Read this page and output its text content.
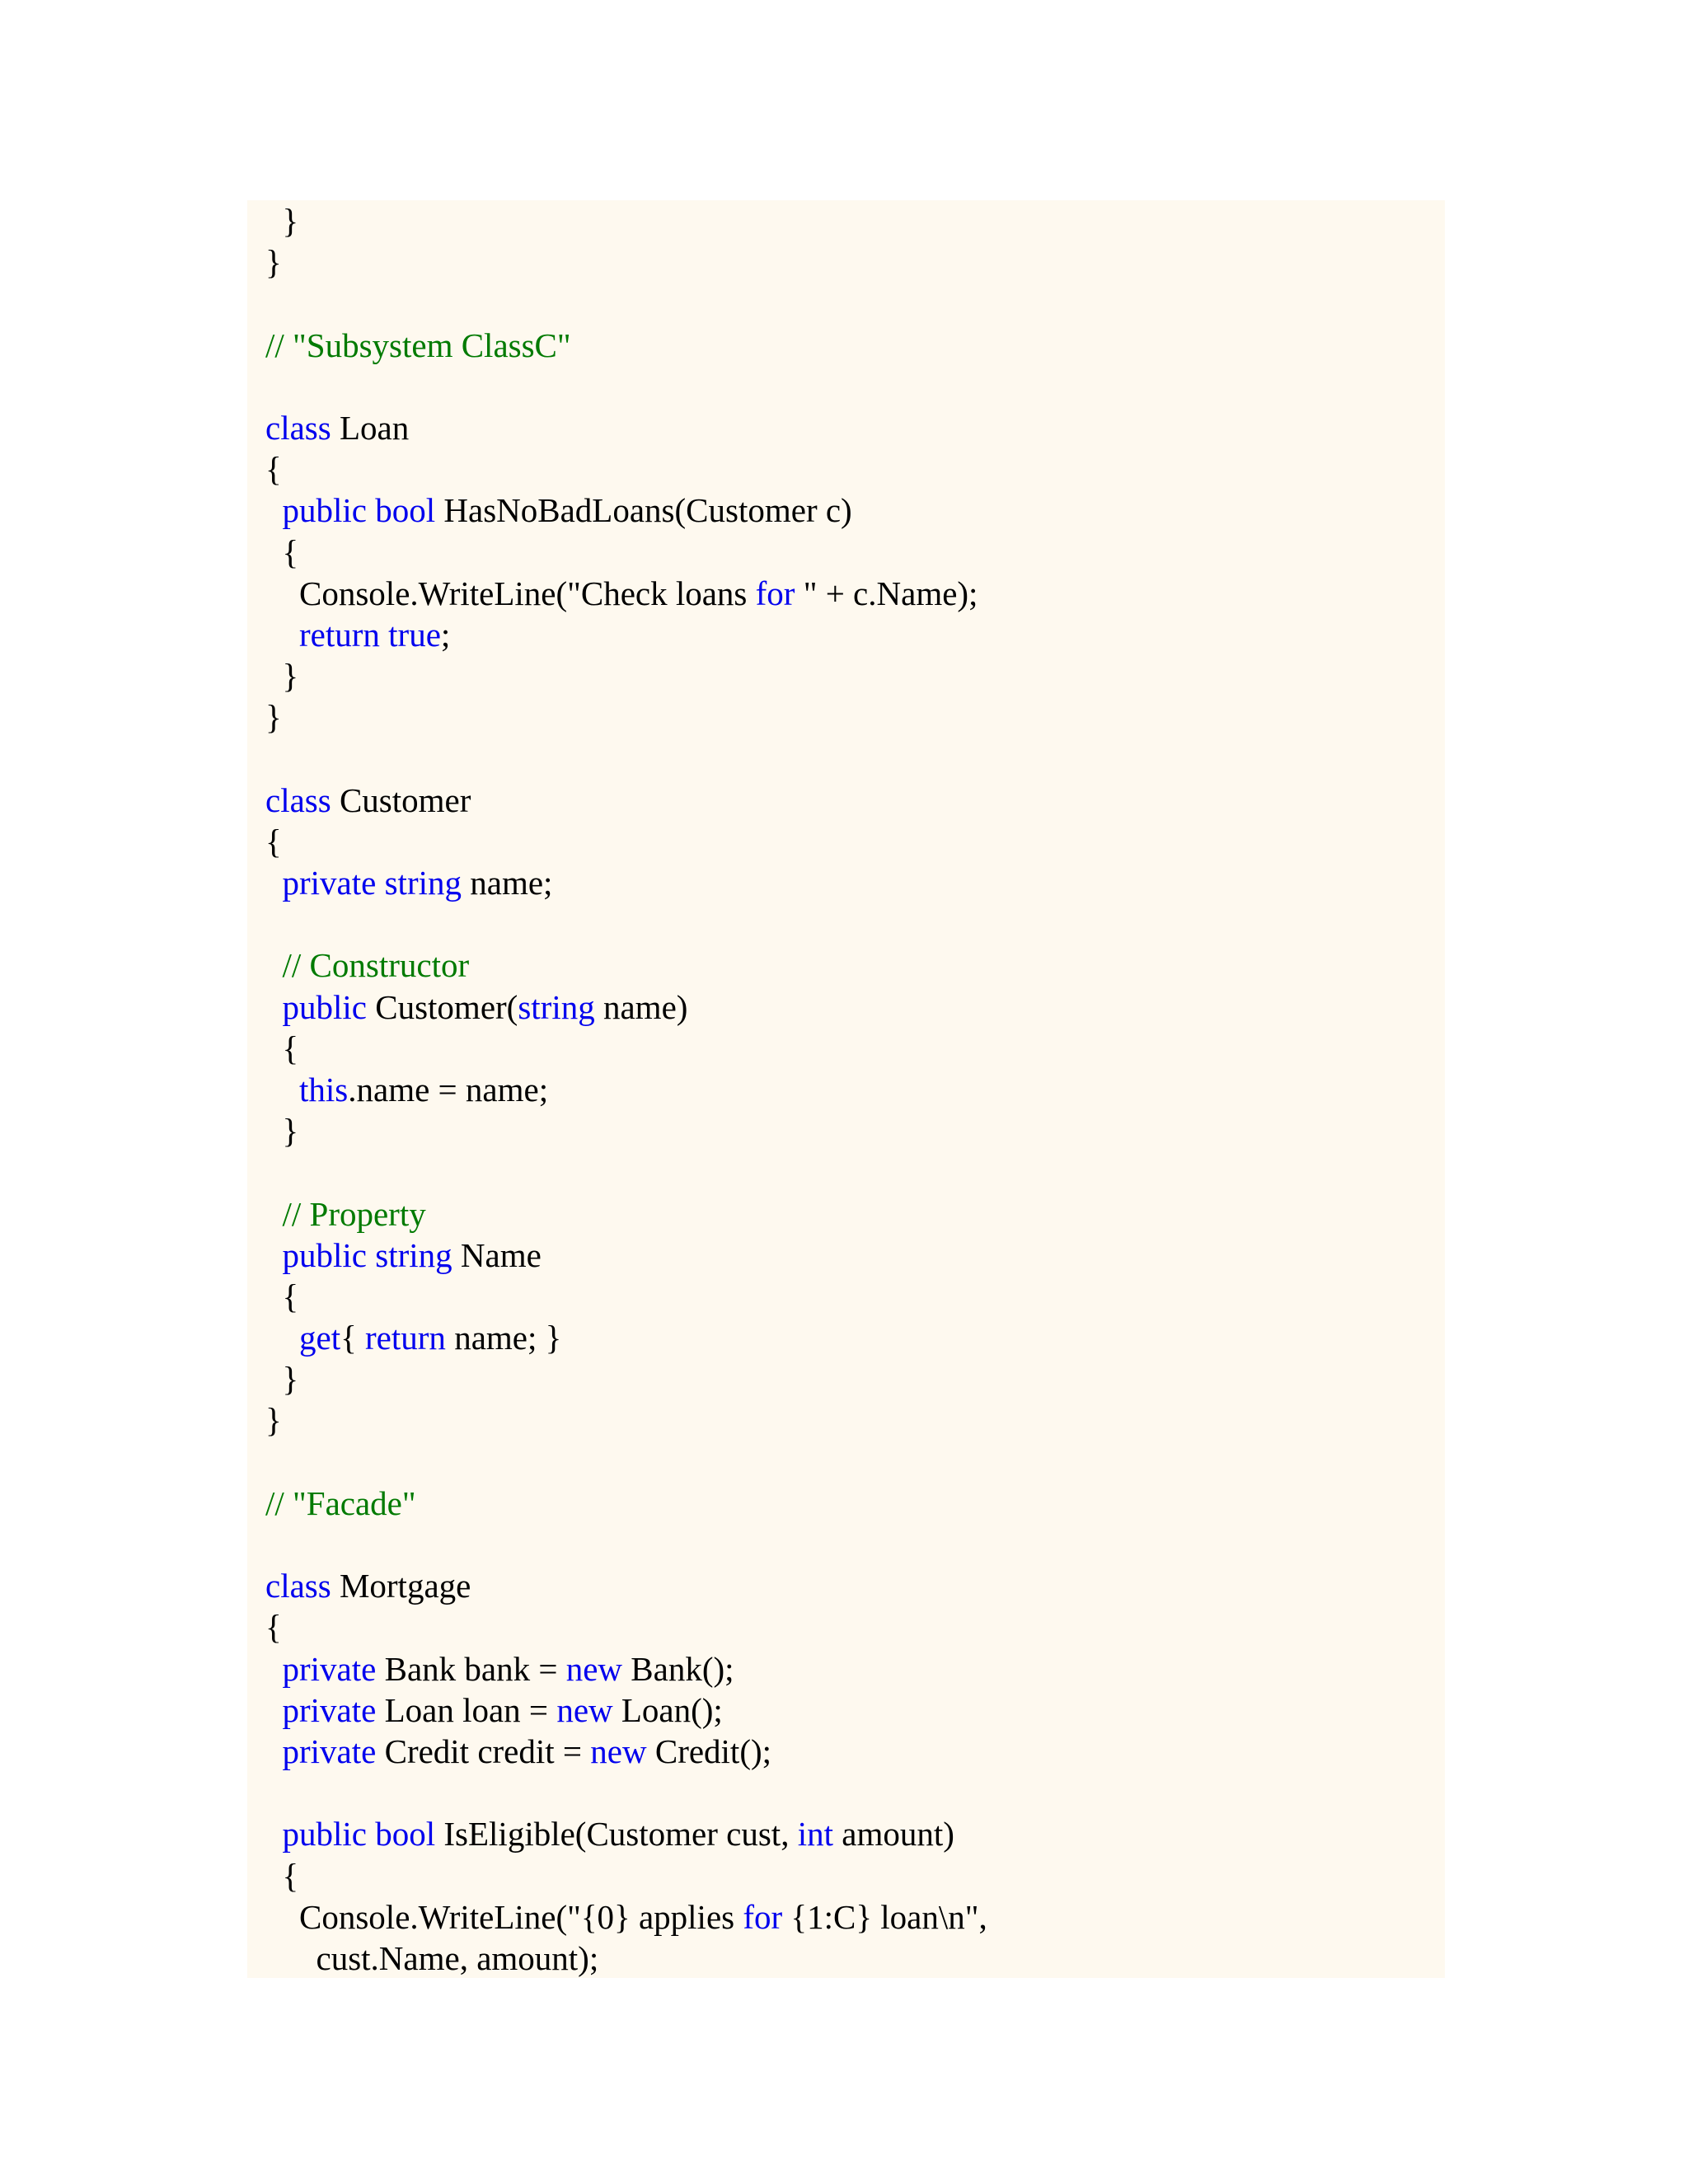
}
}
// "Subsystem ClassC"
class Loan
{
public bool HasNoBadLoans(Customer c)
{
Console.WriteLine("Check loans for " + c.Name);
return true;
}
}
class Customer
{
private string name;
// Constructor
public Customer(string name)
{
this.name = name;
}
// Property
public string Name
{
get{ return name; }
}
}
// "Facade"
class Mortgage
{
private Bank bank = new Bank();
private Loan loan = new Loan();
private Credit credit = new Credit();
public bool IsEligible(Customer cust, int amount)
{
Console.WriteLine("{0} applies for {1:C} loan\n",
cust.Name, amount);
